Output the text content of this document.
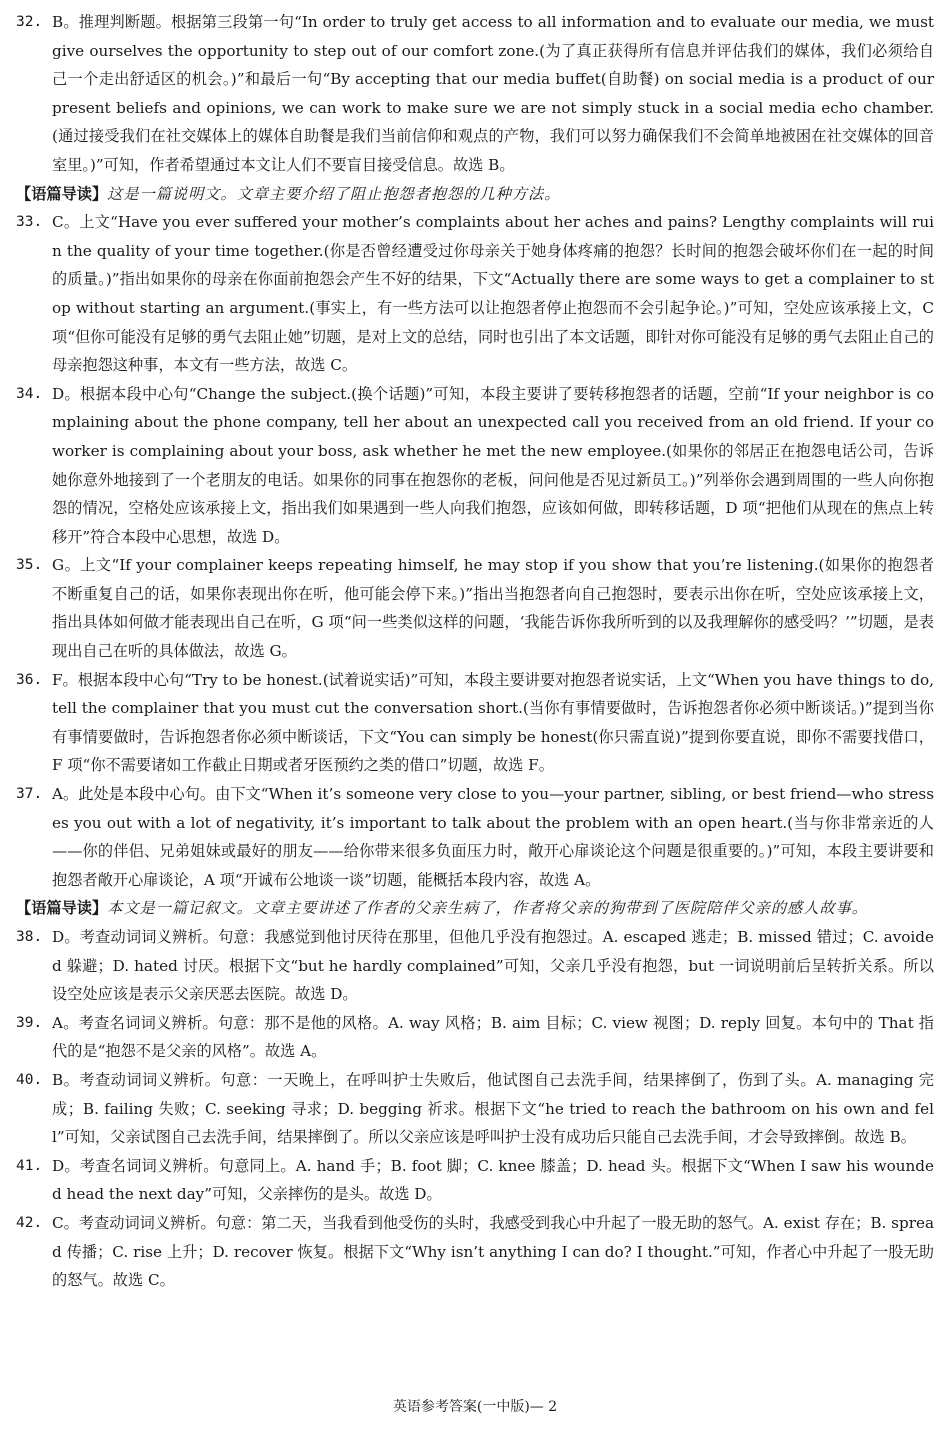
32. B。推理判断题。根据第三段第一句“In order to truly get access to all information and to evaluate our media, we must give ourselves the opportunity to step out of our comfort zone.(为了真正获得所有信息并评估我们的媒体，我们必须给自己一个走出舒适区的机会。)”和最后一句“By accepting that our media buffet(自助餐) on social media is a product of our present beliefs and opinions, we can work to make sure we are not simply stuck in a social media echo chamber.(通过接受我们在社交媒体上的媒体自助餐是我们当前信仰和观点的产物，我们可以努力确保我们不会简单地被困在社交媒体的回音室里。)”可知，作者希望通过本文让人们不要盲目接受信息。故选 B。

【语篇导读】这是一篇说明文。文章主要介绍了阻止抱怨者抱怨的几种方法。

33. C。上文“Have you ever suffered your mother’s complaints about her aches and pains? Lengthy complaints will ruin the quality of your time together.(你是否曾经遭受过你母亲关于她身体疼痛的抱怨？长时间的抱怨会破坏你们在一起的时间的质量。)”指出如果你的母亲在你面前抱怨会产生不好的结果，下文“Actually there are some ways to get a complainer to stop without starting an argument.(事实上，有一些方法可以让抱怨者停止抱怨而不会引起争论。)”可知，空处应该承接上文，C 项“但你可能没有足够的勇气去阻止她”切题，是对上文的总结，同时也引出了本文话题，即针对你可能没有足够的勇气去阻止自己的母亲抱怨这种事，本文有一些方法，故选 C。

34. D。根据本段中心句“Change the subject.(换个话题)”可知，本段主要讲了要转移抱怨者的话题，空前“If your neighbor is complaining about the phone company, tell her about an unexpected call you received from an old friend. If your coworker is complaining about your boss, ask whether he met the new employee.(如果你的邻居正在抱怨电话公司，告诉她你意外地接到了一个老朋友的电话。如果你的同事在抱怨你的老板，问问他是否见过新员工。)”列举你会遇到周围的一些人向你抱怨的情况，空格处应该承接上文，指出我们如果遇到一些人向我们抱怨，应该如何做，即转移话题，D 项“把他们从现在的焦点上转移开”符合本段中心思想，故选 D。

35. G。上文“If your complainer keeps repeating himself, he may stop if you show that you’re listening.(如果你的抱怨者不断重复自己的话，如果你表现出你在听，他可能会停下来。)”指出当抱怨者向自己抱怨时，要表示出你在听，空处应该承接上文，指出具体如何做才能表现出自己在听，G 项“问一些类似这样的问题，‘我能告诉你我所听到的以及我理解你的感受吗？’”切题，是表现出自己在听的具体做法，故选 G。

36. F。根据本段中心句“Try to be honest.(试着说实话)”可知，本段主要讲要对抱怨者说实话，上文“When you have things to do, tell the complainer that you must cut the conversation short.(当你有事情要做时，告诉抱怨者你必须中断谈话。)”提到当你有事情要做时，告诉抱怨者你必须中断谈话，下文“You can simply be honest(你只需直说)”提到你要直说，即你不需要找借口，F 项“你不需要诸如工作截止日期或者牙医预约之类的借口”切题，故选 F。

37. A。此处是本段中心句。由下文“When it’s someone very close to you—your partner, sibling, or best friend—who stresses you out with a lot of negativity, it’s important to talk about the problem with an open heart.(当与你非常亲近的人——你的伴侣、兄弟姐妹或最好的朋友——给你带来很多负面压力时，敞开心扉谈论这个问题是很重要的。)”可知，本段主要讲要和抱怨者敞开心扉谈论，A 项“开诚布公地谈一谈”切题，能概括本段内容，故选 A。

【语篇导读】本文是一篇记叙文。文章主要讲述了作者的父亲生病了，作者将父亲的狗带到了医院陪伴父亲的感人故事。

38. D。考查动词词义辨析。句意：我感觉到他讨厌待在那里，但他几乎没有抱怨过。A. escaped 逃走；B. missed 错过；C. avoided 躲避；D. hated 讨厌。根据下文“but he hardly complained”可知，父亲几乎没有抱怨，but 一词说明前后呈转折关系。所以设空处应该是表示父亲厌恶去医院。故选 D。

39. A。考查名词词义辨析。句意：那不是他的风格。A. way 风格；B. aim 目标；C. view 视图；D. reply 回复。本句中的 That 指代的是“抱怨不是父亲的风格”。故选 A。

40. B。考查动词词义辨析。句意：一天晚上，在呼叫护士失败后，他试图自己去洗手间，结果摔倒了，伤到了头。A. managing 完成；B. failing 失败；C. seeking 寻求；D. begging 祈求。根据下文“he tried to reach the bathroom on his own and fell”可知，父亲试图自己去洗手间，结果摔倒了。所以父亲应该是呼叫护士没有成功后只能自己去洗手间，才会导致摔倒。故选 B。

41. D。考查名词词义辨析。句意同上。A. hand 手；B. foot 脚；C. knee 膝盖；D. head 头。根据下文“When I saw his wounded head the next day”可知，父亲摔伤的是头。故选 D。

42. C。考查动词词义辨析。句意：第二天，当我看到他受伤的头时，我感受到我心中升起了一股无助的怒气。A. exist 存在；B. spread 传播；C. rise 上升；D. recover 恢复。根据下文“Why isn’t anything I can do? I thought.”可知，作者心中升起了一股无助的怒气。故选 C。

英语参考答案(一中版)— 2
